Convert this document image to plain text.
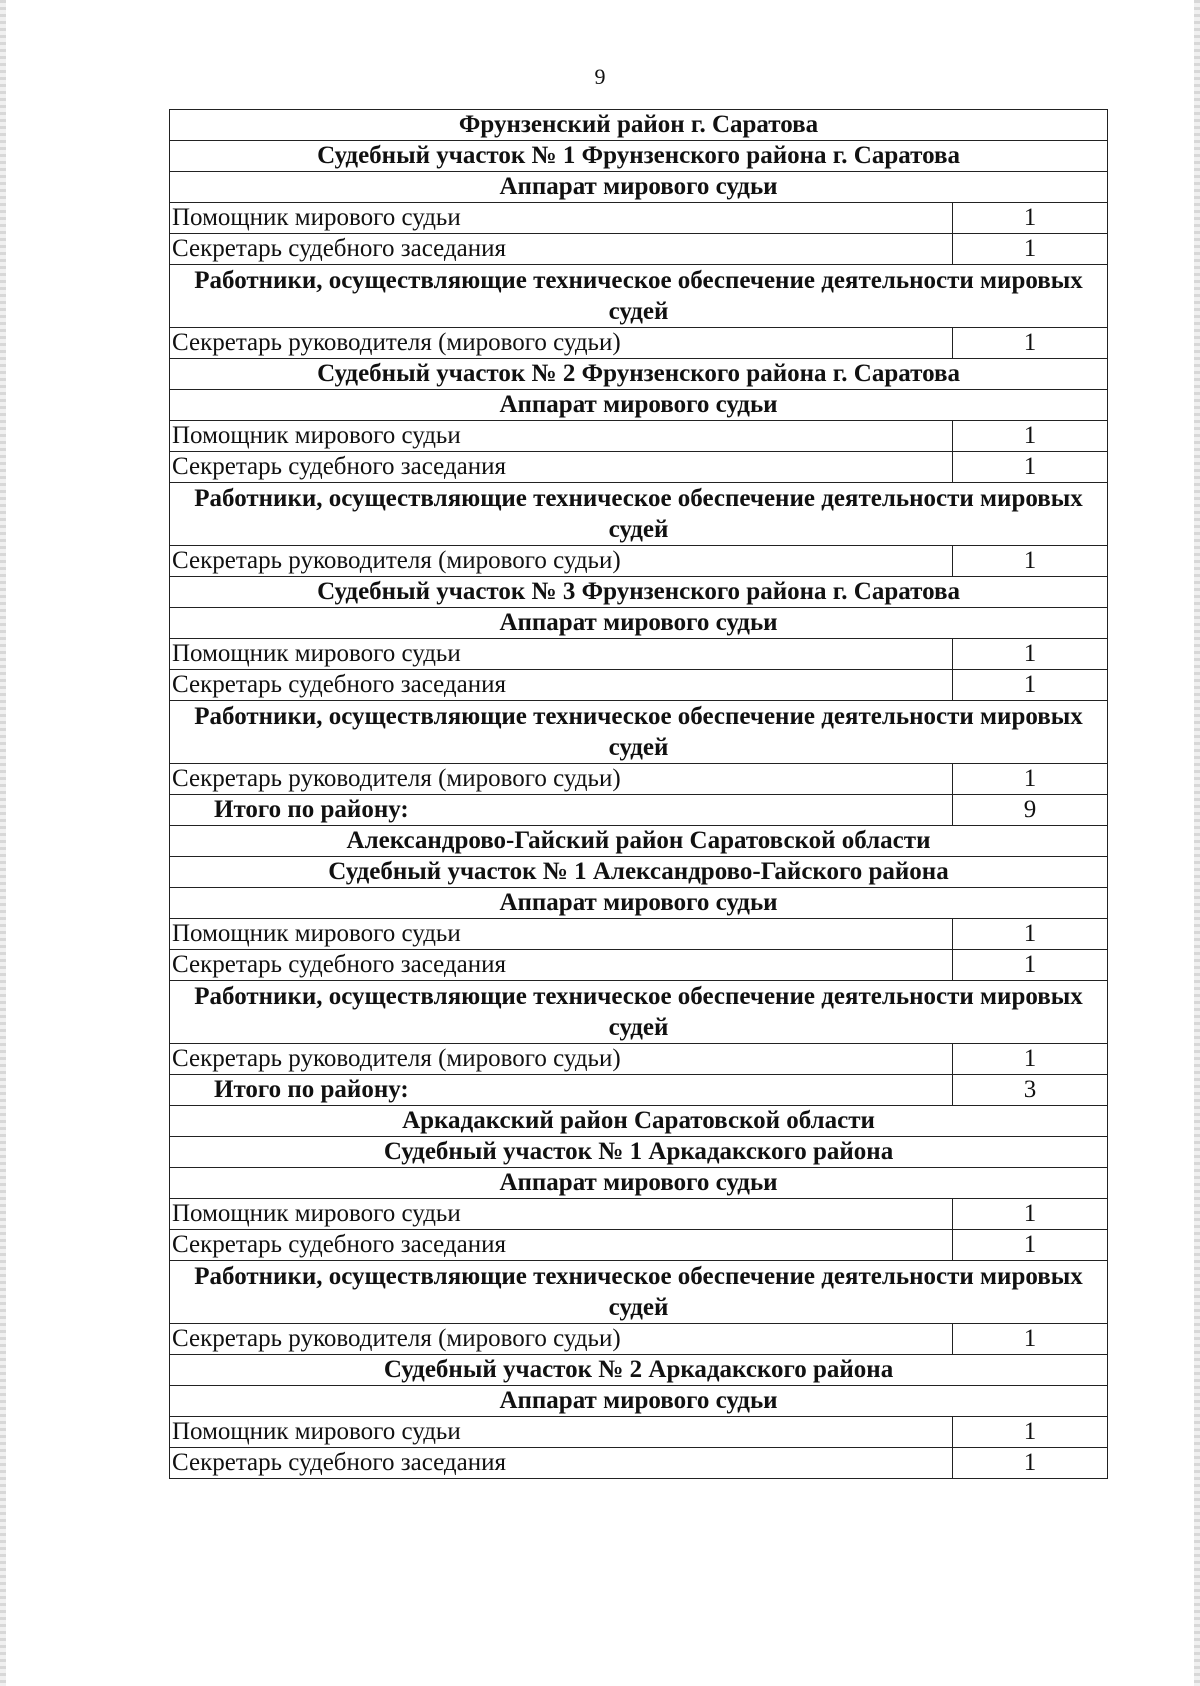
9
Фрунзенский район г. Саратова	
Судебный участок № 1 Фрунзенского района г. Саратова	
Аппарат мирового судьи	
Помощник мирового судьи	1
Секретарь судебного заседания	1
Работники, осуществляющие техническое обеспечение деятельности мировых судей	
Секретарь руководителя (мирового судьи)	1
Судебный участок № 2 Фрунзенского района г. Саратова	
Аппарат мирового судьи	
Помощник мирового судьи	1
Секретарь судебного заседания	1
Работники, осуществляющие техническое обеспечение деятельности мировых судей	
Секретарь руководителя (мирового судьи)	1
Судебный участок № 3 Фрунзенского района г. Саратова	
Аппарат мирового судьи	
Помощник мирового судьи	1
Секретарь судебного заседания	1
Работники, осуществляющие техническое обеспечение деятельности мировых судей	
Секретарь руководителя (мирового судьи)	1
Итого по району:	9
Александрово-Гайский район Саратовской области	
Судебный участок № 1 Александрово-Гайского района	
Аппарат мирового судьи	
Помощник мирового судьи	1
Секретарь судебного заседания	1
Работники, осуществляющие техническое обеспечение деятельности мировых судей	
Секретарь руководителя (мирового судьи)	1
Итого по району:	3
Аркадакский район Саратовской области	
Судебный участок № 1 Аркадакского района	
Аппарат мирового судьи	
Помощник мирового судьи	1
Секретарь судебного заседания	1
Работники, осуществляющие техническое обеспечение деятельности мировых судей	
Секретарь руководителя (мирового судьи)	1
Судебный участок № 2 Аркадакского района	
Аппарат мирового судьи	
Помощник мирового судьи	1
Секретарь судебного заседания	1
